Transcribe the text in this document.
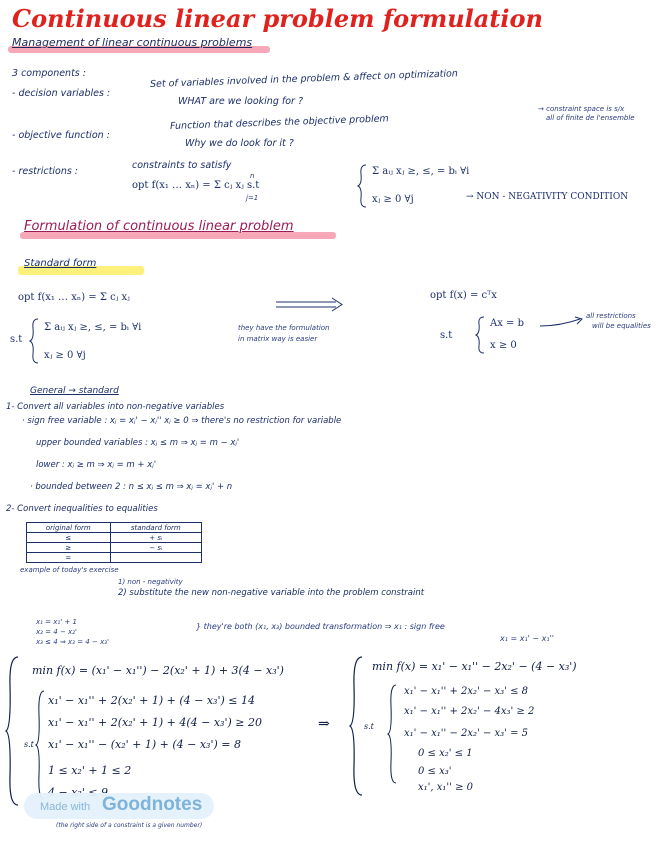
Continuous linear problem formulation
Management of linear continuous problems
3 components :
- decision variables :
Set of variables involved in the problem & affect on optimization
WHAT are we looking for ?
→ constraint space is s/x
all of finite de l'ensemble
- objective function :
Function that describes the objective problem
Why we do look for it ?
- restrictions :
constraints to satisfy
opt f(x₁ … xₙ) = Σ cⱼ xⱼ s.t
n
j=1
Σ aᵢⱼ xⱼ ≥, ≤, = bᵢ ∀i
xⱼ ≥ 0 ∀j	→ NON - NEGATIVITY CONDITION
Formulation of continuous linear problem
Standard form
opt f(x₁ … xₙ) = Σ cⱼ xⱼ
s.t
Σ aᵢⱼ xⱼ ≥, ≤, = bᵢ ∀i
xⱼ ≥ 0 ∀j
they have the formulation
in matrix way is easier
opt f(x) = cᵀx
s.t
Ax = b
x ≥ 0
all restrictions
will be equalities
General → standard
1- Convert all variables into non-negative variables
· sign free variable : xⱼ = xⱼ' − xⱼ'' xⱼ ≥ 0 ⇒ there's no restriction for variable
upper bounded variables : xⱼ ≤ m ⇒ xⱼ = m − xⱼ'
lower : xⱼ ≥ m ⇒ xⱼ = m + xⱼ'
· bounded between 2 : n ≤ xⱼ ≤ m ⇒ xⱼ = xⱼ' + n
2- Convert inequalities to equalities
original form	standard form
≤	+ sᵢ
≥	− sᵢ
=	
example of today's exercise
1) non - negativity
2) substitute the new non-negative variable into the problem constraint
x₁ = x₁' + 1
x₂ = 4 − x₂'
x₃ ≤ 4 ⇒ x₃ = 4 − x₃'
} they're both (x₁, x₃) bounded transformation ⇒ x₁ : sign free
x₁ = x₁' − x₁''
min f(x) = (x₁' − x₁'') − 2(x₂' + 1) + 3(4 − x₃')
s.t
x₁' − x₁'' + 2(x₂' + 1) + (4 − x₃') ≤ 14
x₁' − x₁'' + 2(x₂' + 1) + 4(4 − x₃') ≥ 20
x₁' − x₁'' − (x₂' + 1) + (4 − x₃') = 8
1 ≤ x₂' + 1 ≤ 2
⇒
min f(x) = x₁' − x₁'' − 2x₂' − (4 − x₃')
s.t
x₁' − x₁'' + 2x₂' − x₃' ≤ 8
x₁' − x₁'' + 2x₂' − 4x₃' ≥ 2
x₁' − x₁'' − 2x₂' − x₃' = 5
0 ≤ x₂' ≤ 1
0 ≤ x₃'
x₁', x₁'' ≥ 0
(the right side of a constraint is a given number)
Made with Goodnotes
